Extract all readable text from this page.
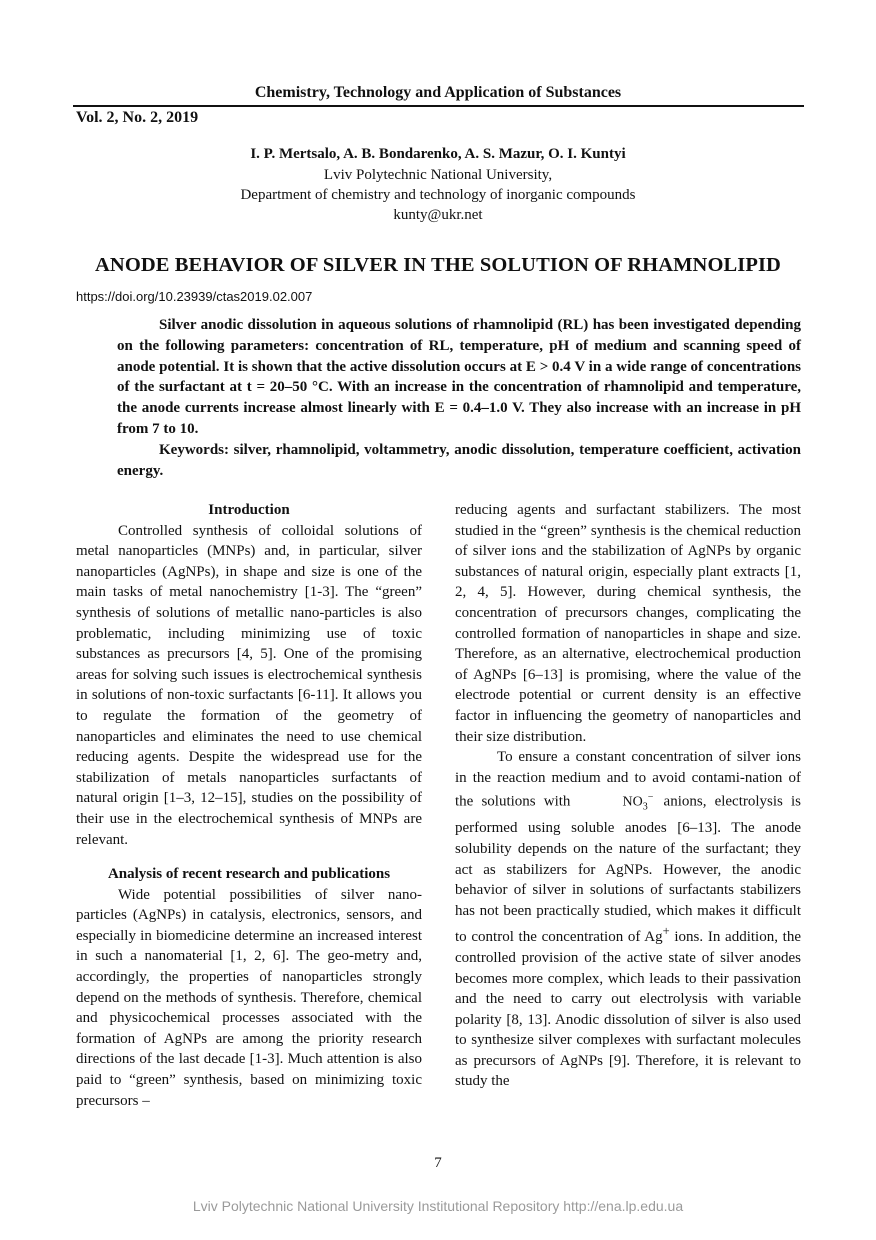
Chemistry, Technology and Application of Substances
Vol. 2, No. 2, 2019
I. P. Mertsalo, A. B. Bondarenko, A. S. Mazur, O. I. Kuntyi
Lviv Polytechnic National University,
Department of chemistry and technology of inorganic compounds
kunty@ukr.net
ANODE BEHAVIOR OF SILVER IN THE SOLUTION OF RHAMNOLIPID
https://doi.org/10.23939/ctas2019.02.007

Silver anodic dissolution in aqueous solutions of rhamnolipid (RL) has been investigated depending on the following parameters: concentration of RL, temperature, pH of medium and scanning speed of anode potential. It is shown that the active dissolution occurs at E > 0.4 V in a wide range of concentrations of the surfactant at t = 20–50 °C. With an increase in the concentration of rhamnolipid and temperature, the anode currents increase almost linearly with E = 0.4–1.0 V. They also increase with an increase in pH from 7 to 10.

Keywords: silver, rhamnolipid, voltammetry, anodic dissolution, temperature coefficient, activation energy.

Introduction

Controlled synthesis of colloidal solutions of metal nanoparticles (MNPs) and, in particular, silver nanoparticles (AgNPs), in shape and size is one of the main tasks of metal nanochemistry [1-3]. The “green” synthesis of solutions of metallic nano-particles is also problematic, including minimizing use of toxic substances as precursors [4, 5]. One of the promising areas for solving such issues is electrochemical synthesis in solutions of non-toxic surfactants [6-11]. It allows you to regulate the formation of the geometry of nanoparticles and eliminates the need to use chemical reducing agents. Despite the widespread use for the stabilization of metals nanoparticles surfactants of natural origin [1–3, 12–15], studies on the possibility of their use in the electrochemical synthesis of MNPs are relevant.

Analysis of recent research and publications

Wide potential possibilities of silver nano-particles (AgNPs) in catalysis, electronics, sensors, and especially in biomedicine determine an increased interest in such a nanomaterial [1, 2, 6]. The geo-metry and, accordingly, the properties of nanoparticles strongly depend on the methods of synthesis. Therefore, chemical and physicochemical processes associated with the formation of AgNPs are among the priority research directions of the last decade [1-3]. Much attention is also paid to “green” synthesis, based on minimizing toxic precursors –

reducing agents and surfactant stabilizers. The most studied in the “green” synthesis is the chemical reduction of silver ions and the stabilization of AgNPs by organic substances of natural origin, especially plant extracts [1, 2, 4, 5]. However, during chemical synthesis, the concentration of precursors changes, complicating the controlled formation of nanoparticles in shape and size. Therefore, as an alternative, electrochemical production of AgNPs [6–13] is promising, where the value of the electrode potential or current density is an effective factor in influencing the geometry of nanoparticles and their size distribution.

To ensure a constant concentration of silver ions in the reaction medium and to avoid contami-nation of the solutions with	$NO_3^-$ anions, electrolysis is performed using soluble anodes [6–13]. The anode solubility depends on the nature of the surfactant; they act as stabilizers for AgNPs. However, the anodic behavior of silver in solutions of surfactants stabilizers has not been practically studied, which makes it difficult to control the concentration of Ag+ ions. In addition, the controlled provision of the active state of silver anodes becomes more complex, which leads to their passivation and the need to carry out electrolysis with variable polarity [8, 13]. Anodic dissolution of silver is also used to synthesize silver complexes with surfactant molecules as precursors of AgNPs [9]. Therefore, it is relevant to study the

7
Lviv Polytechnic National University Institutional Repository http://ena.lp.edu.ua
